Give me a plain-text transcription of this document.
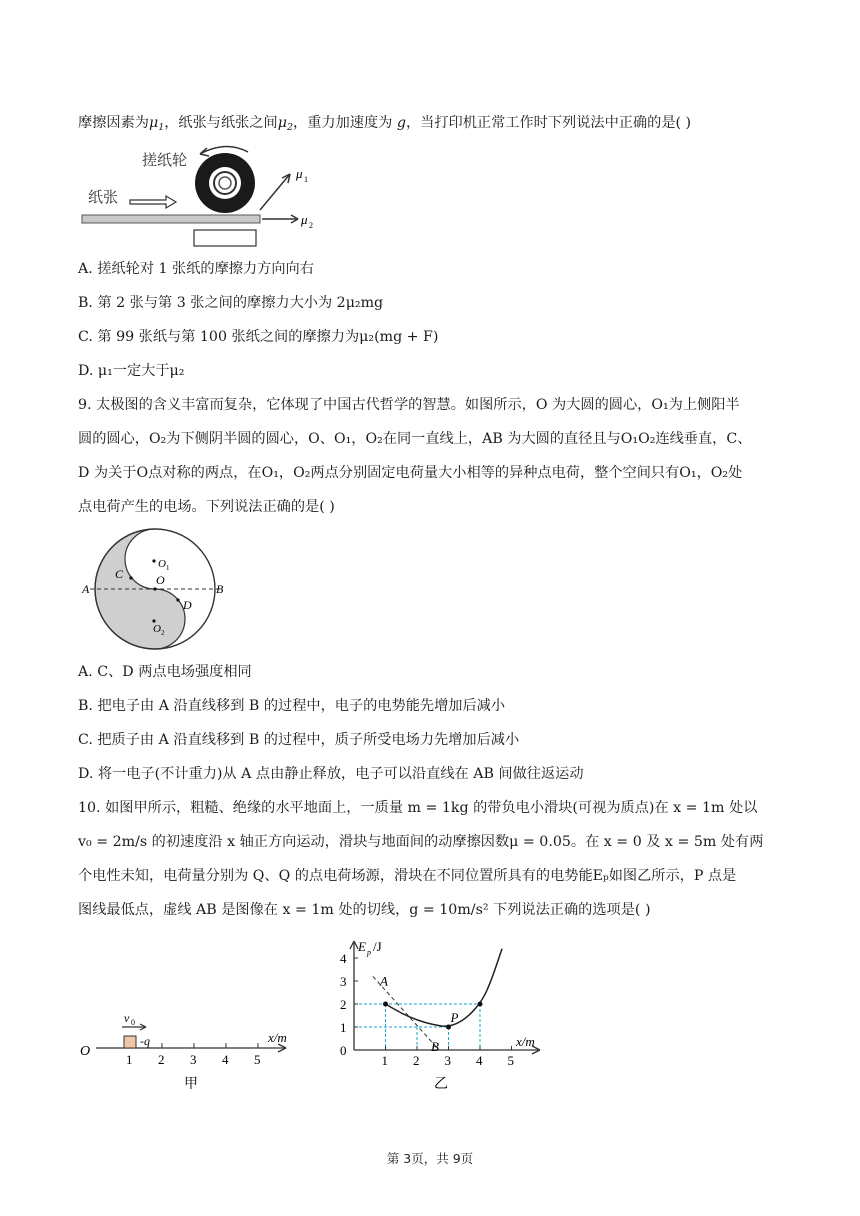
摩擦因素为$\mu_1$，纸张与纸张之间$\mu_2$，重力加速度为 g，当打印机正常工作时下列说法中正确的是( )
搓纸轮
纸张
μ 1
μ 2
A. 搓纸轮对 1 张纸的摩擦力方向向右
B. 第 2 张与第 3 张之间的摩擦力大小为 2μ₂mg
C. 第 99 张纸与第 100 张纸之间的摩擦力为μ₂(mg + F)
D. μ₁一定大于μ₂
9. 太极图的含义丰富而复杂，它体现了中国古代哲学的智慧。如图所示，O 为大圆的圆心，O₁为上侧阳半
圆的圆心，O₂为下侧阴半圆的圆心，O、O₁，O₂在同一直线上，AB 为大圆的直径且与O₁O₂连线垂直，C、
D 为关于O点对称的两点，在O₁，O₂两点分别固定电荷量大小相等的异种点电荷，整个空间只有O₁，O₂处
点电荷产生的电场。下列说法正确的是( )
A	B
C
D
O
O 1
O 2
A. C、D 两点电场强度相同
B. 把电子由 A 沿直线移到 B 的过程中，电子的电势能先增加后减小
C. 把质子由 A 沿直线移到 B 的过程中，质子所受电场力先增加后减小
D. 将一电子(不计重力)从 A 点由静止释放，电子可以沿直线在 AB 间做往返运动
10. 如图甲所示，粗糙、绝缘的水平地面上，一质量 m = 1kg 的带负电小滑块(可视为质点)在 x = 1m 处以
v₀ = 2m/s 的初速度沿 x 轴正方向运动，滑块与地面间的动摩擦因数μ = 0.05。在 x = 0 及 x = 5m 处有两
个电性未知，电荷量分别为 Q、Q 的点电荷场源，滑块在不同位置所具有的电势能Eₚ如图乙所示，P 点是
图线最低点，虚线 AB 是图像在 x = 1m 处的切线，g = 10m/s² 下列说法正确的选项是( )
O
1 2 3 4 5
x/m
-q
v 0
甲
E p /J
x/m
0
1 2 3 4 5
1
2
3
4
P
A
B
乙
第 3页，共 9页
